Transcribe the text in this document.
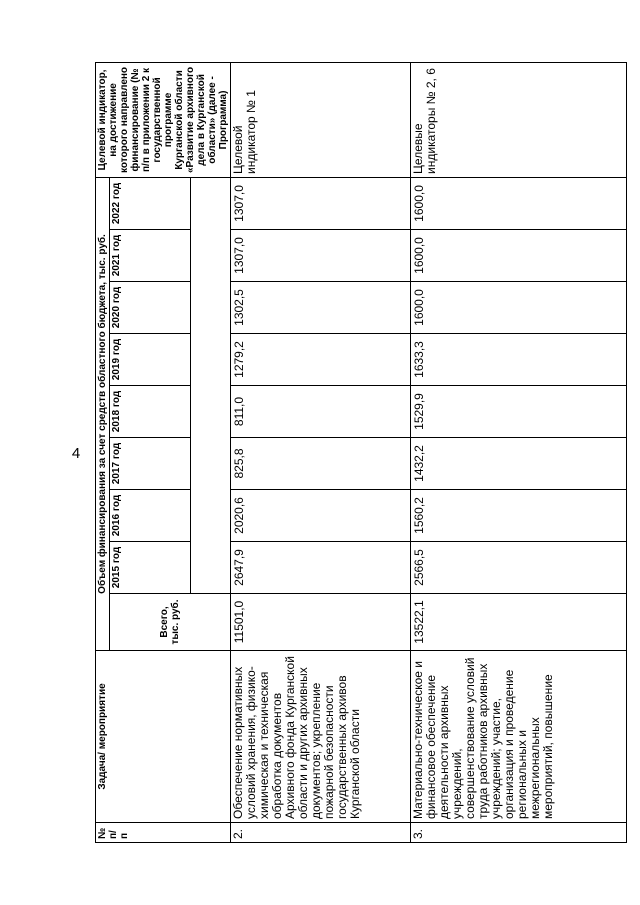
4
№ п/п	Задача/ мероприятие	Объем финансирования за счет средств областного бюджета, тыс. руб.									Целевой индикатор, на достижение которого направлено финансирование (№ п/п в приложении 2 к государственной программе Курганской области «Развитие архивного дела в Курганской области» (далее - Программа)
		Всего, тыс. руб.	2015 год	2016 год	2017 год	2018 год	2019 год	2020 год	2021 год	2022 год	

2.	Обеспечение нормативных условий хранения, физико-химическая и техническая обработка документов Архивного фонда Курганской области и других архивных документов; укрепление пожарной безопасности государственных архивов Курганской области	11501,0	2647,9	2020,6	825,8	811,0	1279,2	1302,5	1307,0	1307,0	Целевой индикатор № 1
3.	Материально-техническое и финансовое обеспечение деятельности архивных учреждений, совершенствование условий труда работников архивных учреждений; участие, организация и проведение региональных и межрегиональных мероприятий, повышение	13522,1	2566,5	1560,2	1432,2	1529,9	1633,3	1600,0	1600,0	1600,0	Целевые индикаторы № 2, 6
